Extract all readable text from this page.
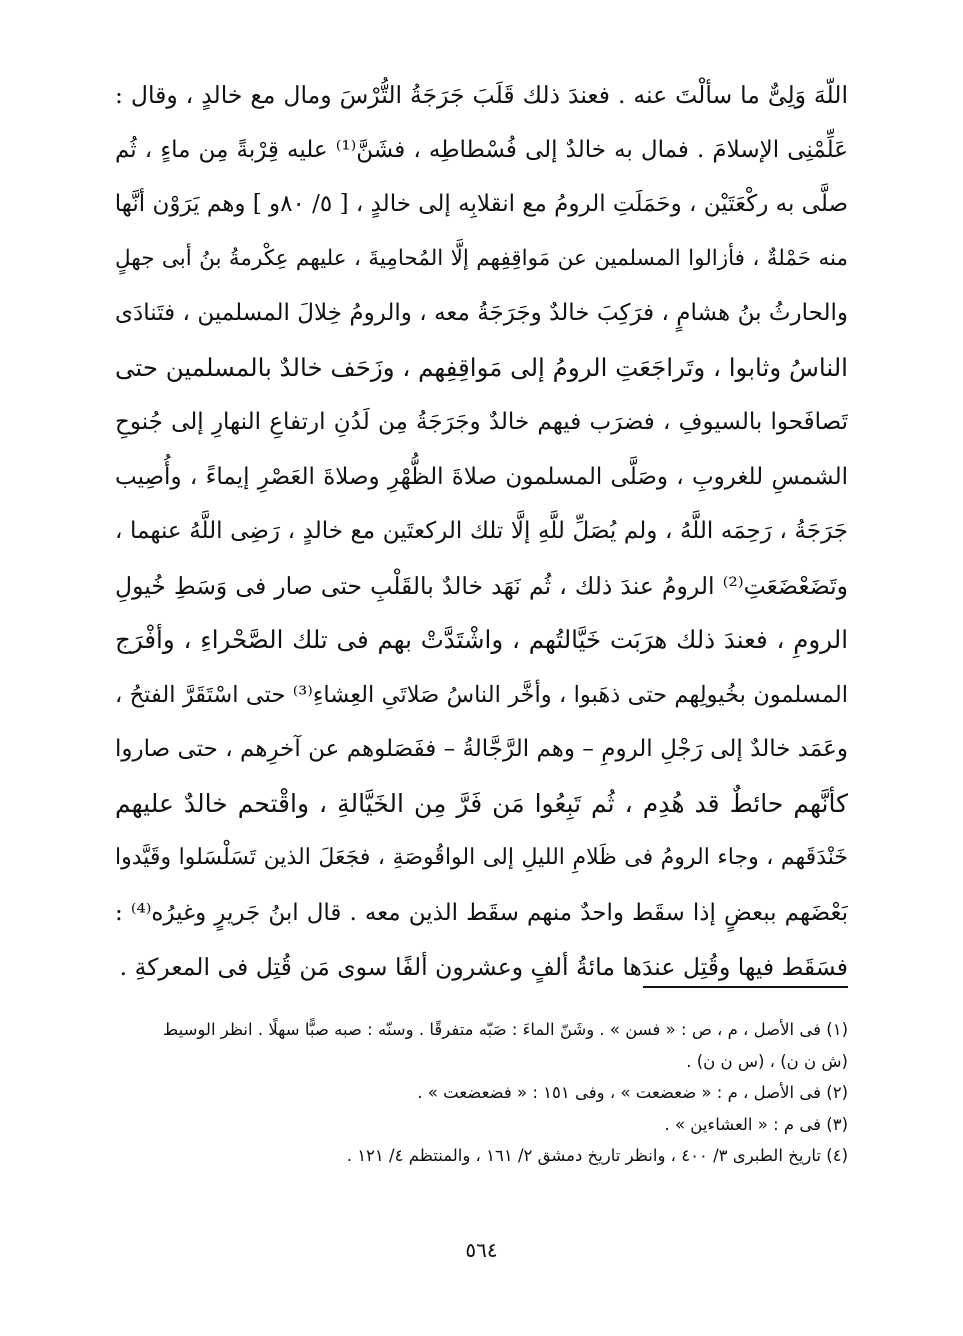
اللّهَ وَلِىٌّ ما سألْتَ عنه . فعندَ ذلك قَلَبَ جَرَجَةُ التُّرْسَ ومال مع خالدٍ ، وقال :
عَلِّمْنِى الإسلامَ . فمال به خالدٌ إلى فُسْطاطِه ، فشَنَّ⁽¹⁾ عليه قِرْبةً مِن ماءٍ ، ثُم
صلَّى به ركْعَتَيْن ، وحَمَلَتِ الرومُ مع انقلابِه إلى خالدٍ ، [ ٥/ ٨٠و ] وهم يَرَوْن أنَّها
منه حَمْلةٌ ، فأزالوا المسلمين عن مَواقِفِهم إلَّا المُحامِيةَ ، عليهم عِكْرمةُ بنُ أبى جهلٍ
والحارثُ بنُ هشامٍ ، فرَكِبَ خالدٌ وجَرَجَةُ معه ، والرومُ خِلالَ المسلمين ، فتَنادَى
الناسُ وثابوا ، وتَراجَعَتِ الرومُ إلى مَواقِفِهم ، وزَحَف خالدٌ بالمسلمين حتى
تَصافَحوا بالسيوفِ ، فضرَب فيهم خالدٌ وجَرَجَةُ مِن لَدُنِ ارتفاعِ النهارِ إلى جُنوحِ
الشمسِ للغروبِ ، وصَلَّى المسلمون صلاةَ الظُّهْرِ وصلاةَ العَصْرِ إيماءً ، وأُصِيب
جَرَجَةُ ، رَحِمَه اللَّهُ ، ولم يُصَلِّ للَّهِ إلَّا تلك الركعتَين مع خالدٍ ، رَضِى اللَّهُ عنهما ،
وتَضَعْضَعَتِ⁽²⁾ الرومُ عندَ ذلك ، ثُم نَهَد خالدٌ بالقَلْبِ حتى صار فى وَسَطِ خُيولِ
الرومِ ، فعندَ ذلك هرَبَت خَيَّالتُهم ، واشْتَدَّتْ بهم فى تلك الصَّحْراءِ ، وأفْرَج
المسلمون بخُيولِهم حتى ذهَبوا ، وأخَّر الناسُ صَلاتَىِ العِشاءِ⁽³⁾ حتى اسْتَقَرَّ الفتحُ ،
وعَمَد خالدٌ إلى رَجْلِ الرومِ – وهم الرَّجَّالةُ – ففَصَلوهم عن آخرِهم ، حتى صاروا
كأنَّهم حائطٌ قد هُدِم ، ثُم تَبِعُوا مَن فَرَّ مِن الخَيَّالةِ ، واقْتحم خالدٌ عليهم
خَنْدَقَهم ، وجاء الرومُ فى ظَلامِ الليلِ إلى الواقُوصَةِ ، فجَعَلَ الذين تَسَلْسَلوا وقَيَّدوا
بَعْضَهم ببعضٍ إذا سقَط واحدٌ منهم سقَط الذين معه . قال ابنُ جَريرٍ وغيرُه⁽⁴⁾ :
فسَقَط فيها وقُتِل عندَها مائةُ ألفٍ وعشرون ألفًا سوى مَن قُتِل فى المعركةِ .
(١) فى الأصل ، م ، ص : « فسن » . وشَنّ الماءَ : صَبّه متفرقًا . وسنّه : صبه صبًّا سهلًا . انظر الوسيط
(ش ن ن) ، (س ن ن) .
(٢) فى الأصل ، م : « ضعضعت » ، وفى ١٥١ : « فضعضعت » .
(٣) فى م : « العشاءين » .
(٤) تاريخ الطبرى ٣/ ٤٠٠ ، وانظر تاريخ دمشق ٢/ ١٦١ ، والمنتظم ٤/ ١٢١ .
٥٦٤
